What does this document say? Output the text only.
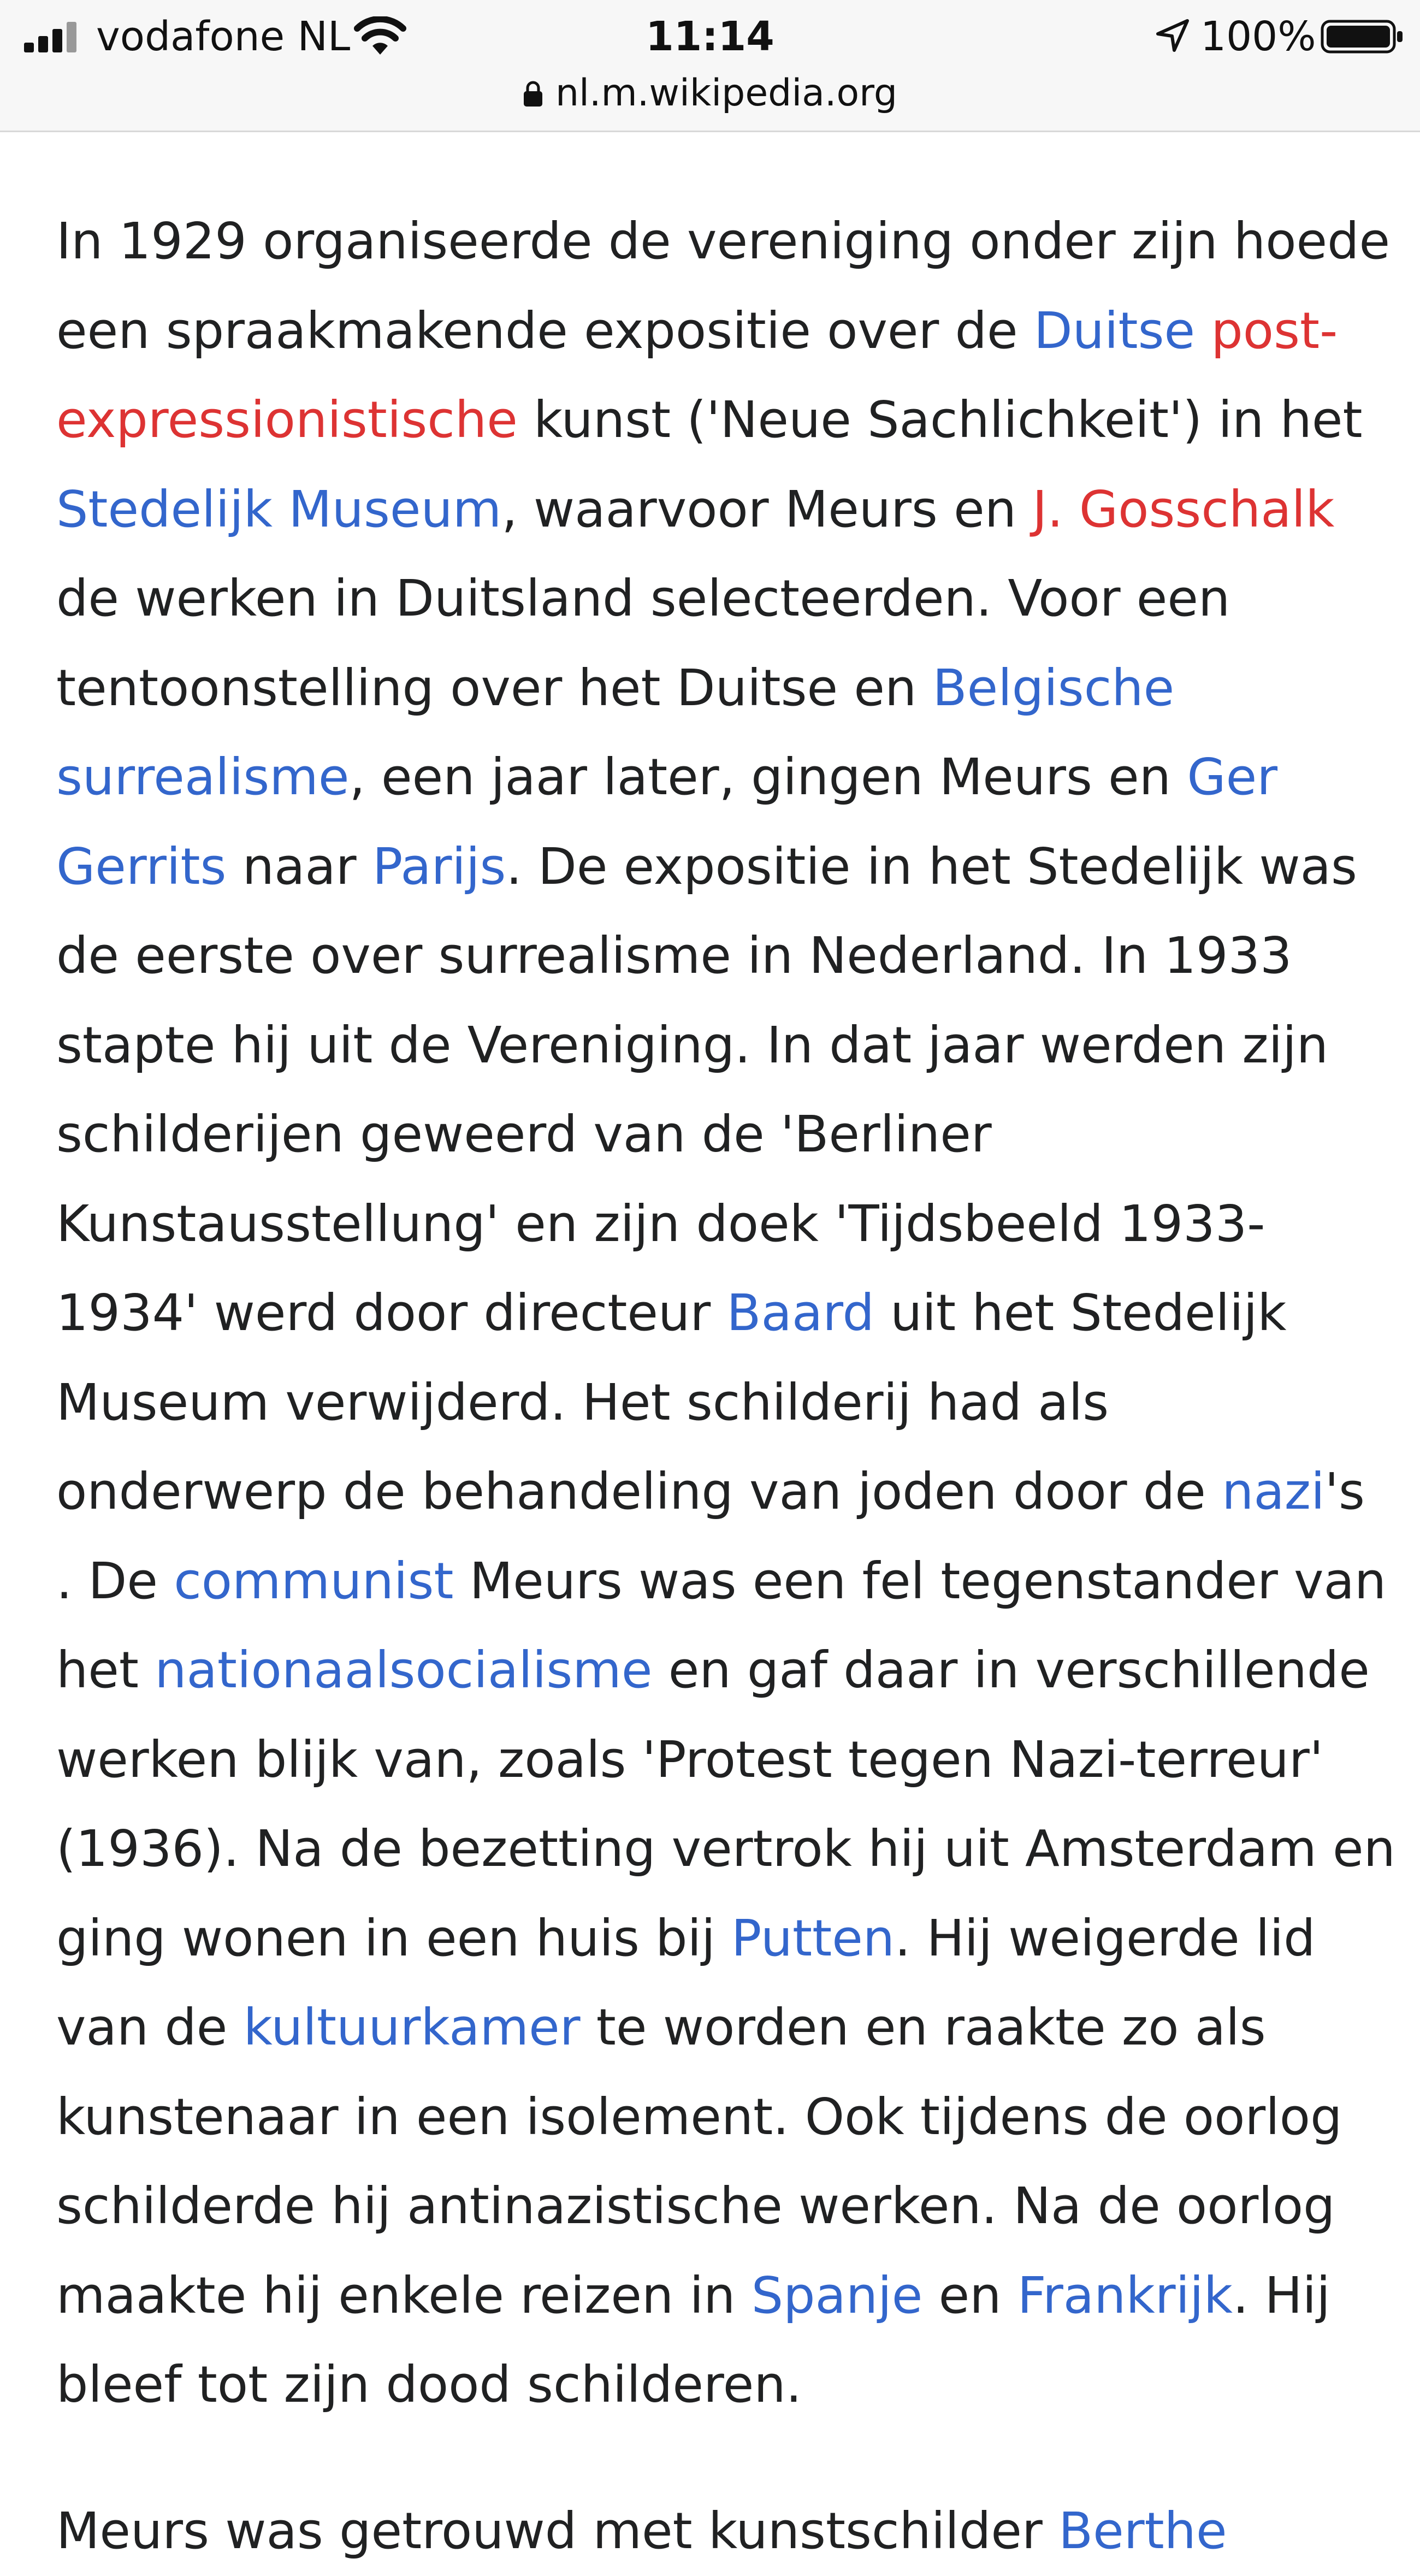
vodafone NL	11:14	100%
nl.m.wikipedia.org
In 1929 organiseerde de vereniging onder zijn hoede
een spraakmakende expositie over de Duitse post-
expressionistische kunst ('Neue Sachlichkeit') in het
Stedelijk Museum, waarvoor Meurs en J. Gosschalk
de werken in Duitsland selecteerden. Voor een
tentoonstelling over het Duitse en Belgische
surrealisme, een jaar later, gingen Meurs en Ger
Gerrits naar Parijs. De expositie in het Stedelijk was
de eerste over surrealisme in Nederland. In 1933
stapte hij uit de Vereniging. In dat jaar werden zijn
schilderijen geweerd van de 'Berliner
Kunstausstellung' en zijn doek 'Tijdsbeeld 1933-
1934' werd door directeur Baard uit het Stedelijk
Museum verwijderd. Het schilderij had als
onderwerp de behandeling van joden door de nazi's
. De communist Meurs was een fel tegenstander van
het nationaalsocialisme en gaf daar in verschillende
werken blijk van, zoals 'Protest tegen Nazi-terreur'
(1936). Na de bezetting vertrok hij uit Amsterdam en
ging wonen in een huis bij Putten. Hij weigerde lid
van de kultuurkamer te worden en raakte zo als
kunstenaar in een isolement. Ook tijdens de oorlog
schilderde hij antinazistische werken. Na de oorlog
maakte hij enkele reizen in Spanje en Frankrijk. Hij
bleef tot zijn dood schilderen.
Meurs was getrouwd met kunstschilder Berthe
